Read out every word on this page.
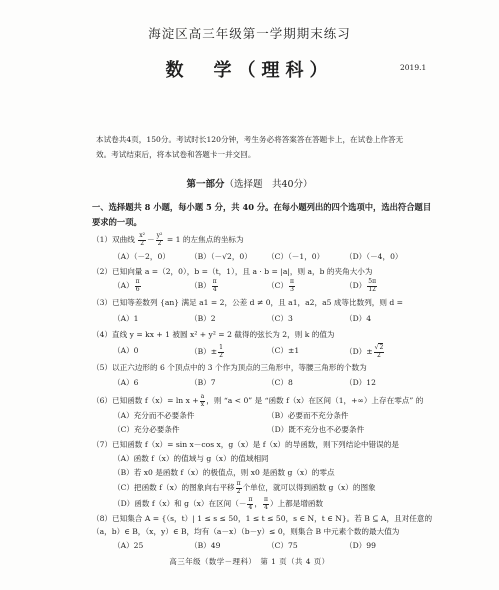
海淀区高三年级第一学期期末练习
数　学（理科）	2019.1
本试卷共4页，150分。考试时长120分钟，考生务必将答案答在答题卡上，在试卷上作答无效。考试结束后，将本试卷和答题卡一并交回。
第一部分（选择题　共40分）
一、选择题共 8 小题，每小题 5 分，共 40 分。在每小题列出的四个选项中，选出符合题目要求的一项。
（1）双曲线 $\frac{\text{x²}}{2} - \frac{\text{y²}}{2} = 1$ 的左焦点的坐标为
（A）（－2，0）	（B）（－√2，0） （C）（－1，0）	（D）（－4，0）
（2）已知向量 a =（2，0），b =（t，1），且 a · b = |a|，则 a，b 的夹角大小为
$(A) \frac{\pi}{6}$	$(B) \frac{\pi}{4}$	$(C) \frac{\pi}{3}$	$(D) \frac{5\pi}{12}$
（3）已知等差数列 {an} 满足 a1 = 2，公差 d ≠ 0，且 a1，a2，a5 成等比数列，则 d =
（A）1	（B）2	（C）3	（D）4
（4）直线 y = kx + 1 被圆 x² + y² = 2 截得的弦长为 2，则 k 的值为
（A）0	$(B)\pm \frac{1}{2}$	（C）±1	$(D)\pm \frac{√2}{2}$
（5）以正六边形的 6 个顶点中的 3 个作为顶点的三角形中，等腰三角形的个数为
（A）6	（B）7	（C）8	（D）12
（6）已知函数 $f(x)= \ln x + \frac{a}{x}$ ，则 “a < 0” 是 “函数 f（x）在区间（1，+∞）上存在零点” 的
（A）充分而不必要条件	（B）必要而不充分条件
（C）充分必要条件	（D）既不充分也不必要条件
（7）已知函数 f（x）= sin x－cos x，g（x）是 f（x）的导函数，则下列结论中错误的是
（A）函数 f（x）的值域与 g（x）的值域相同
（B）若 x0 是函数 f（x）的极值点，则 x0 是函数 g（x）的零点
（C）把函数 f（x）的图象向右平移 $\frac{\pi}{2}$ 个单位，就可以得到函数 g（x）的图象
（D）函数 f（x）和 g（x）在区间（－ $\frac{\pi}{4}$ ， $\frac{\pi}{4}$ ）上都是增函数
（8）已知集合 A = {（s，t）| 1 ≤ s ≤ 50，1 ≤ t ≤ 50，s ∈ N，t ∈ N}。若 B ⊆ A，且对任意的（a，b）∈ B，（x，y）∈ B，均有（a－x）（b－y）≤ 0，则集合 B 中元素个数的最大值为
（A）25	（B）49	（C）75	（D）99
高三年级（数学－理科）　第 1 页（共 4 页）
